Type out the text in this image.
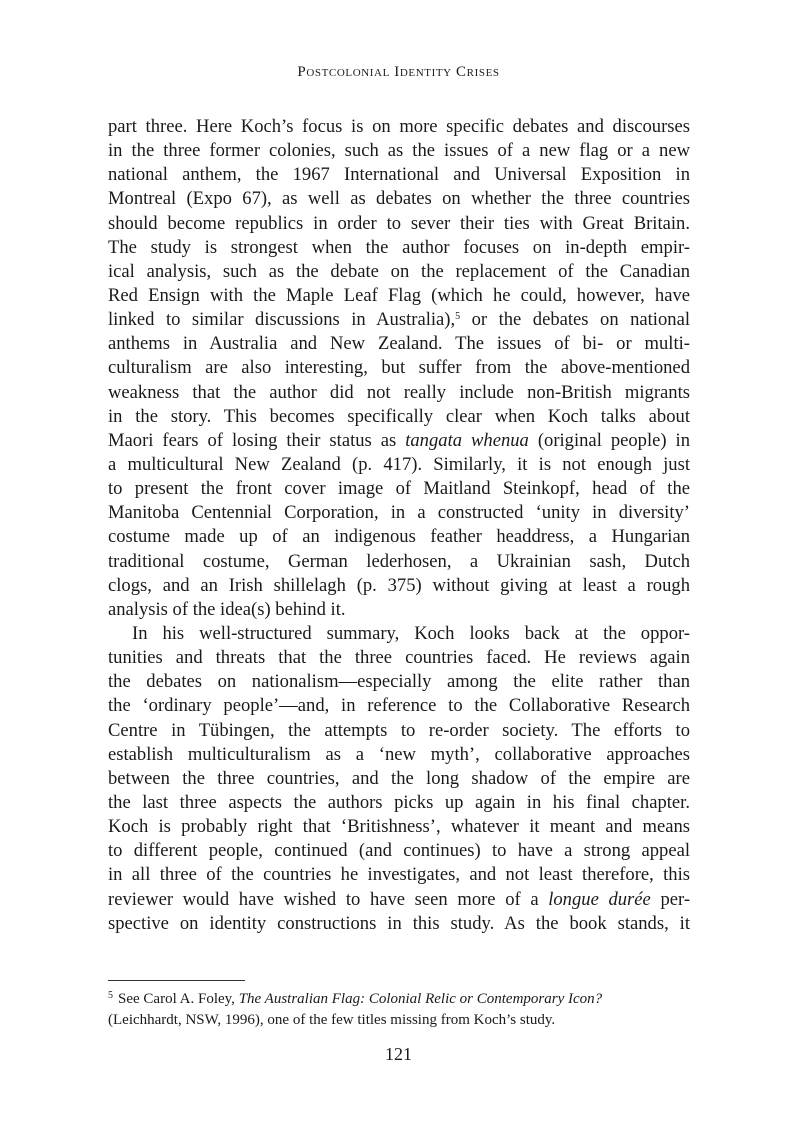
Postcolonial Identity Crises
part three. Here Koch’s focus is on more specific debates and discourses
in the three former colonies, such as the issues of a new flag or a new
national anthem, the 1967 International and Universal Exposition in
Montreal (Expo 67), as well as debates on whether the three countries
should become republics in order to sever their ties with Great Britain.
The study is strongest when the author focuses on in-depth empir-
ical analysis, such as the debate on the replacement of the Canadian
Red Ensign with the Maple Leaf Flag (which he could, however, have
linked to similar discussions in Australia),$^5$ or the debates on national
anthems in Australia and New Zealand. The issues of bi- or multi-
culturalism are also interesting, but suffer from the above-mentioned
weakness that the author did not really include non-British migrants
in the story. This becomes specifically clear when Koch talks about
Maori fears of losing their status as tangata whenua (original people) in
a multicultural New Zealand (p. 417). Similarly, it is not enough just
to present the front cover image of Maitland Steinkopf, head of the
Manitoba Centennial Corporation, in a constructed ‘unity in diversity’
costume made up of an indigenous feather headdress, a Hungarian
traditional costume, German lederhosen, a Ukrainian sash, Dutch
clogs, and an Irish shillelagh (p. 375) without giving at least a rough
analysis of the idea(s) behind it.
In his well-structured summary, Koch looks back at the oppor-
tunities and threats that the three countries faced. He reviews again
the debates on nationalism—especially among the elite rather than
the ‘ordinary people’—and, in reference to the Collaborative Research
Centre in Tübingen, the attempts to re-order society. The efforts to
establish multiculturalism as a ‘new myth’, collaborative approaches
between the three countries, and the long shadow of the empire are
the last three aspects the authors picks up again in his final chapter.
Koch is probably right that ‘Britishness’, whatever it meant and means
to different people, continued (and continues) to have a strong appeal
in all three of the countries he investigates, and not least therefore, this
reviewer would have wished to have seen more of a longue durée per-
spective on identity constructions in this study. As the book stands, it
$^5$ See Carol A. Foley, The Australian Flag: Colonial Relic or Contemporary Icon?
(Leichhardt, NSW, 1996), one of the few titles missing from Koch’s study.
121
